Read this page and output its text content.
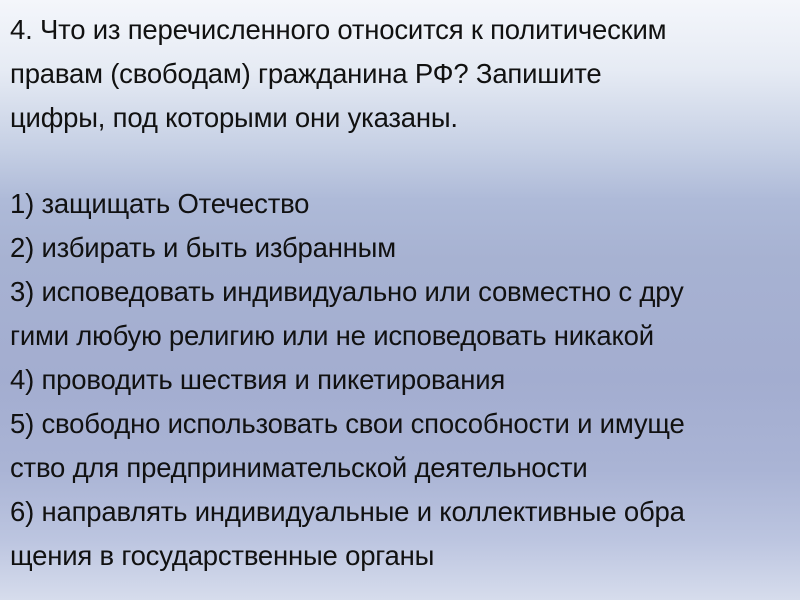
4. Что из перечисленного относится к политическим
правам (свободам) гражданина РФ? Запишите
цифры, под которыми они указаны.

1) защищать Отечество

2) избирать и быть избранным

3) исповедовать индивидуально или совместно с дру
гими любую религию или не исповедовать никакой

4) проводить шествия и пикетирования

5) свободно использовать свои способности и имуще
ство для предпринимательской деятельности

6) направлять индивидуальные и коллективные обра
щения в государственные органы
